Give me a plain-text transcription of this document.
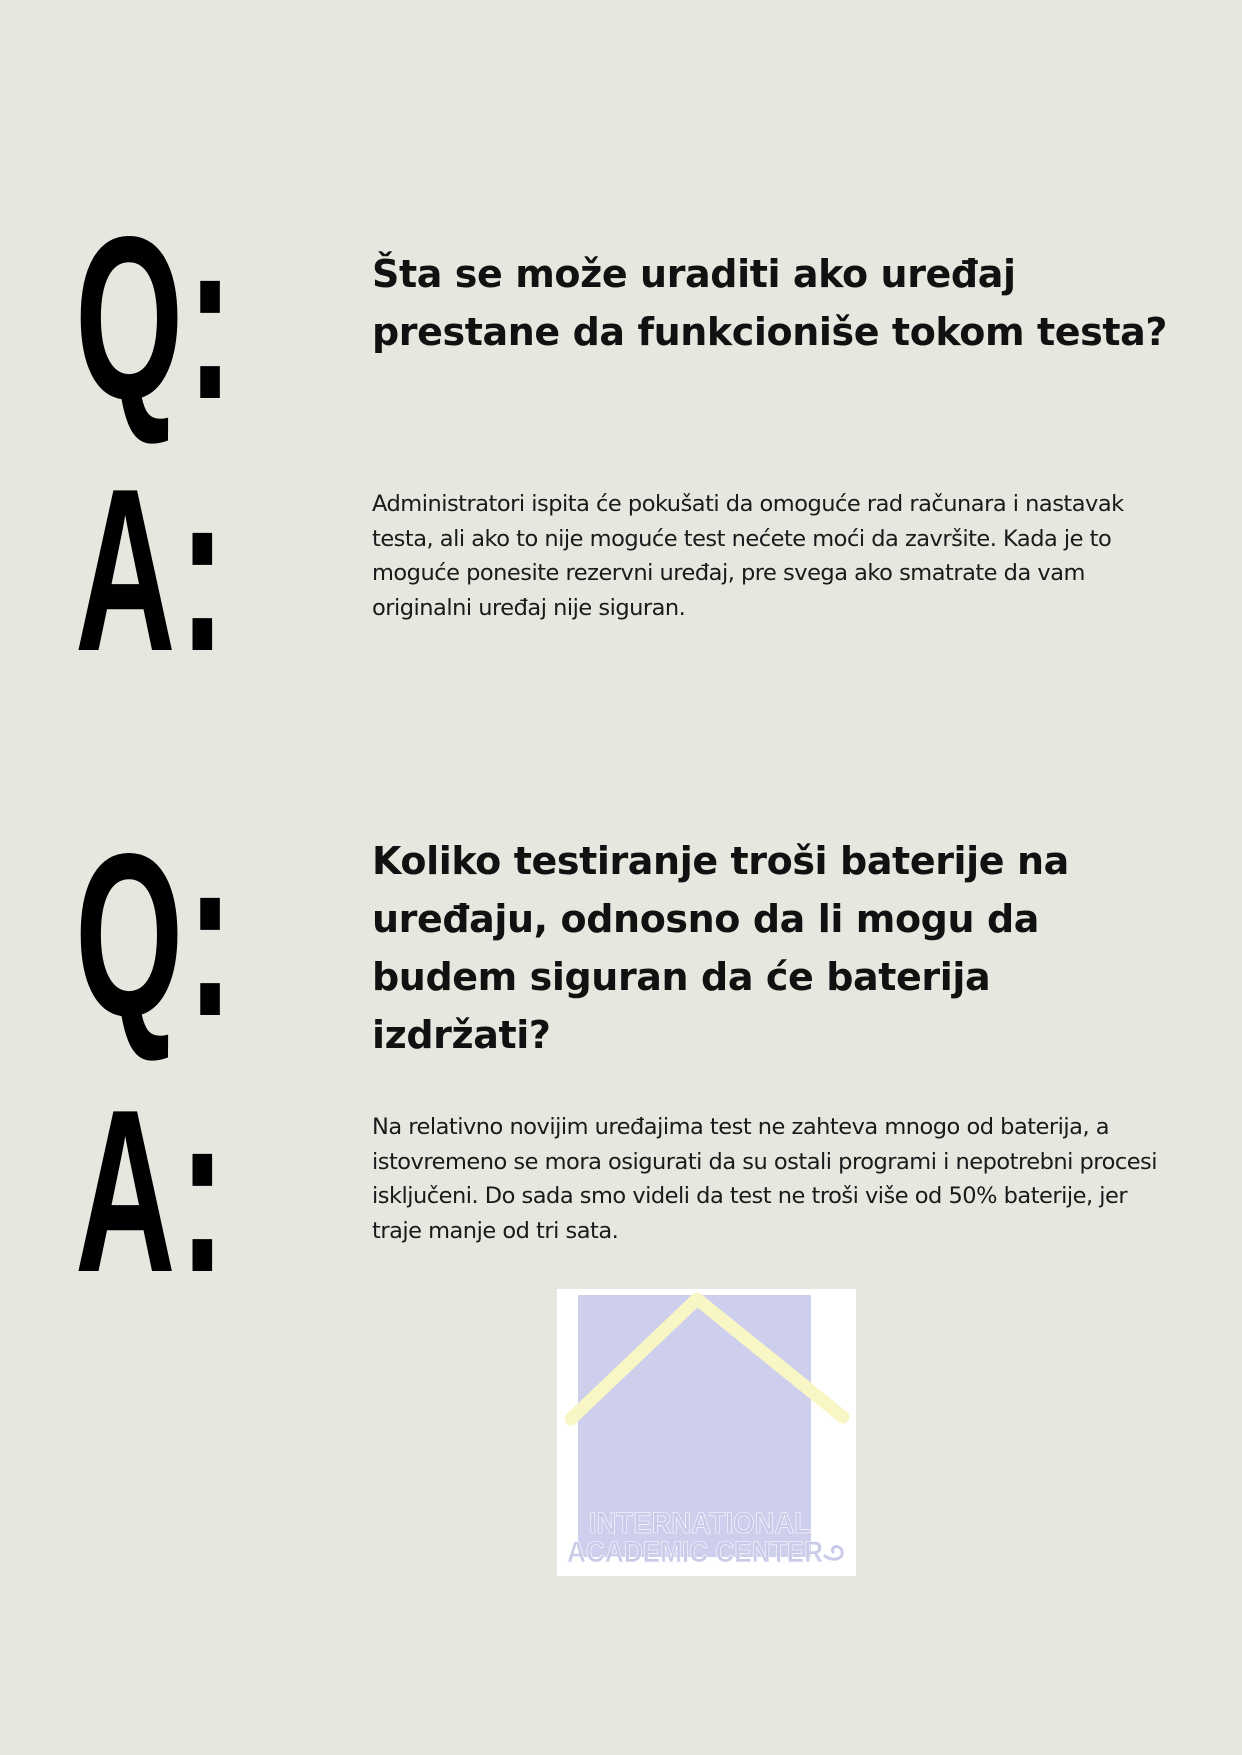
Q:	Šta se može uraditi ako uređaj prestane da funkcioniše tokom testa?
A:	Administratori ispita će pokušati da omoguće rad računara i nastavak testa, ali ako to nije moguće test nećete moći da završite. Kada je to moguće ponesite rezervni uređaj, pre svega ako smatrate da vam originalni uređaj nije siguran.

Q:	Koliko testiranje troši baterije na uređaju, odnosno da li mogu da budem siguran da će baterija izdržati?
A:	Na relativno novijim uređajima test ne zahteva mnogo od baterija, a istovremeno se mora osigurati da su ostali programi i nepotrebni procesi isključeni. Do sada smo videli da test ne troši više od 50% baterije, jer traje manje od tri sata.

INTERNATIONAL
ACADEMIC CENTER
